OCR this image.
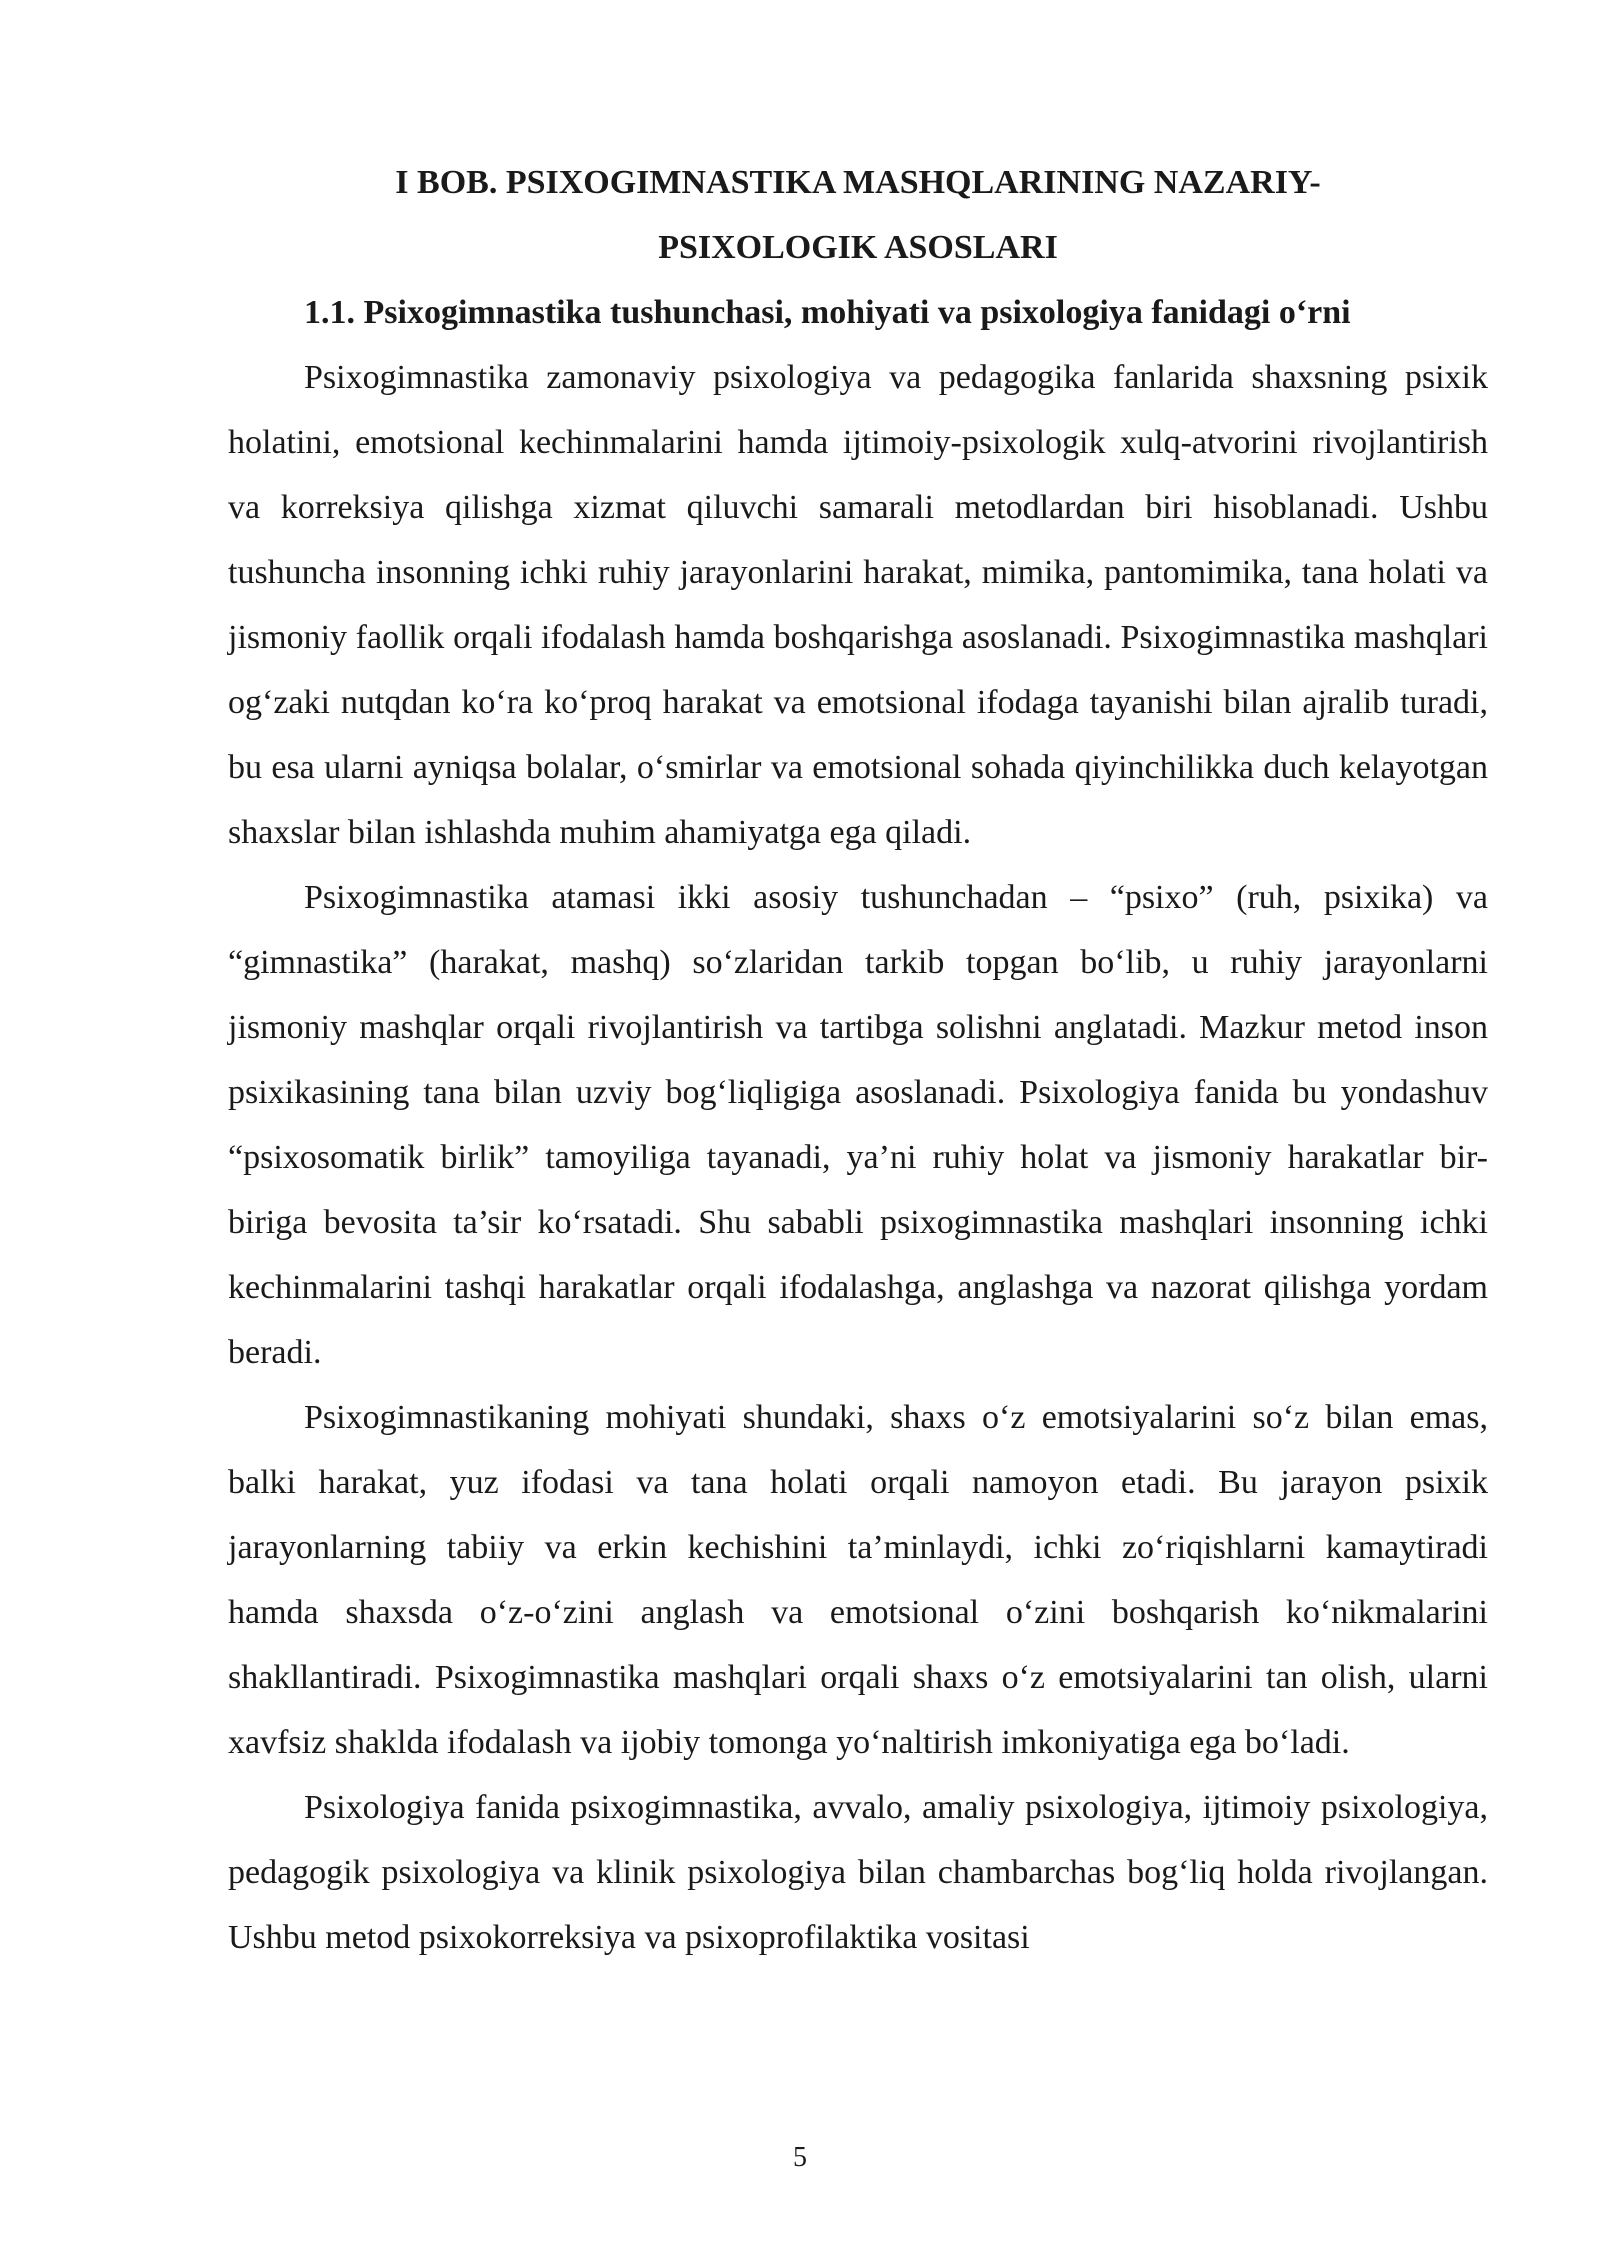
I BOB. PSIXOGIMNASTIKA MASHQLARINING NAZARIY-

PSIXOLOGIK ASOSLARI

1.1. Psixogimnastika tushunchasi, mohiyati va psixologiya fanidagi o‘rni

Psixogimnastika zamonaviy psixologiya va pedagogika fanlarida shaxsning psixik holatini, emotsional kechinmalarini hamda ijtimoiy-psixologik xulq-atvorini rivojlantirish va korreksiya qilishga xizmat qiluvchi samarali metodlardan biri hisoblanadi. Ushbu tushuncha insonning ichki ruhiy jarayonlarini harakat, mimika, pantomimika, tana holati va jismoniy faollik orqali ifodalash hamda boshqarishga asoslanadi. Psixogimnastika mashqlari og‘zaki nutqdan ko‘ra ko‘proq harakat va emotsional ifodaga tayanishi bilan ajralib turadi, bu esa ularni ayniqsa bolalar, o‘smirlar va emotsional sohada qiyinchilikka duch kelayotgan shaxslar bilan ishlashda muhim ahamiyatga ega qiladi.

Psixogimnastika atamasi ikki asosiy tushunchadan – “psixo” (ruh, psixika) va “gimnastika” (harakat, mashq) so‘zlaridan tarkib topgan bo‘lib, u ruhiy jarayonlarni jismoniy mashqlar orqali rivojlantirish va tartibga solishni anglatadi. Mazkur metod inson psixikasining tana bilan uzviy bog‘liqligiga asoslanadi. Psixologiya fanida bu yondashuv “psixosomatik birlik” tamoyiliga tayanadi, ya’ni ruhiy holat va jismoniy harakatlar bir-biriga bevosita ta’sir ko‘rsatadi. Shu sababli psixogimnastika mashqlari insonning ichki kechinmalarini tashqi harakatlar orqali ifodalashga, anglashga va nazorat qilishga yordam beradi.

Psixogimnastikaning mohiyati shundaki, shaxs o‘z emotsiyalarini so‘z bilan emas, balki harakat, yuz ifodasi va tana holati orqali namoyon etadi. Bu jarayon psixik jarayonlarning tabiiy va erkin kechishini ta’minlaydi, ichki zo‘riqishlarni kamaytiradi hamda shaxsda o‘z-o‘zini anglash va emotsional o‘zini boshqarish ko‘nikmalarini shakllantiradi. Psixogimnastika mashqlari orqali shaxs o‘z emotsiyalarini tan olish, ularni xavfsiz shaklda ifodalash va ijobiy tomonga yo‘naltirish imkoniyatiga ega bo‘ladi.

Psixologiya fanida psixogimnastika, avvalo, amaliy psixologiya, ijtimoiy psixologiya, pedagogik psixologiya va klinik psixologiya bilan chambarchas bog‘liq holda rivojlangan. Ushbu metod psixokorreksiya va psixoprofilaktika vositasi

5
